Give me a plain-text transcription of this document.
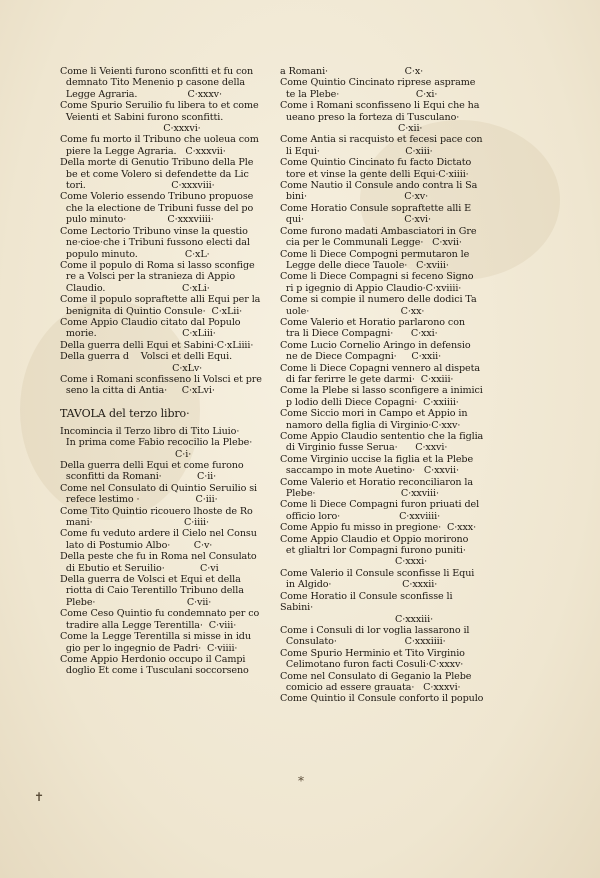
Come li Veienti furono sconfitti et fu con
demnato Tito Menenio p casone della
Legge Agraria.                 C·xxxv·

Come Spurio Seruilio fu libera to et come
Veienti et Sabini furono sconfitti.
C·xxxvi·

Come fu morto il Tribuno che uoleua com
piere la Legge Agraria.   C·xxxvii·

Della morte di Genutio Tribuno della Ple
be et come Volero si defendette da Lic
tori.                             C·xxxviii·

Come Volerio essendo Tribuno propuose
che la electione de Tribuni fusse del po
pulo minuto·              C·xxxviiii·

Come Lectorio Tribuno vinse la questio
ne·cioe·che i Tribuni fussono electi dal
populo minuto.                C·xL·

Come il populo di Roma si lasso sconfige
re a Volsci per la stranieza di Appio
Claudio.                          C·xLi·

Come il populo sopraftette alli Equi per la
benignita di Quintio Consule·  C·xLii·

Come Appio Claudio citato dal Populo
morie.                             C·xLiii·

Della guerra delli Equi et Sabini·C·xLiiii·

Della guerra d    Volsci et delli Equi.
C·xLv·

Come i Romani sconfisseno li Volsci et pre
seno la citta di Antia·     C·xLvi·

TAVOLA del terzo libro·

Incomincia il Terzo libro di Tito Liuio·
In prima come Fabio recocilio la Plebe·
C·i·

Della guerra delli Equi et come furono
sconfitti da Romani·            C·ii·

Come nel Consulato di Quintio Seruilio si
refece lestimo ·                   C·iii·

Come Tito Quintio ricouero lhoste de Ro
mani·                               C·iiii·

Come fu veduto ardere il Cielo nel Consu
lato di Postumio Albo·        C·v·

Della peste che fu in Roma nel Consulato
di Ebutio et Seruilio·            C·vi

Della guerra de Volsci et Equi et della
riotta di Caio Terentillo Tribuno della
Plebe·                               C·vii·

Come Ceso Quintio fu condemnato per co
tradire alla Legge Terentilla·  C·viii·

Come la Legge Terentilla si misse in idu
gio per lo ingegnio de Padri·  C·viiii·

Come Appio Herdonio occupo il Campi
doglio Et come i Tusculani soccorseno

a Romani·                          C·x·

Come Quintio Cincinato riprese asprame
te la Plebe·                          C·xi·

Come i Romani sconfisseno li Equi che ha
ueano preso la forteza di Tusculano·
C·xii·

Come Antia si racquisto et fecesi pace con
li Equi·                             C·xiii·

Come Quintio Cincinato fu facto Dictato
tore et vinse la gente delli Equi·C·xiiii·

Come Nautio il Consule ando contra li Sa
bini·                                 C·xv·

Come Horatio Consule sopraftette alli E
qui·                                  C·xvi·

Come furono madati Ambasciatori in Gre
cia per le Communali Legge·   C·xvii·

Come li Diece Compogni permutaron le
Legge delle diece Tauole·   C·xviii·

Come li Diece Compagni si feceno Signo
ri p igegnio di Appio Claudio·C·xviiii·

Come si compie il numero delle dodici Ta
uole·                               C·xx·

Come Valerio et Horatio parlarono con
tra li Diece Compagni·      C·xxi·

Come Lucio Cornelio Aringo in defensio
ne de Diece Compagni·     C·xxii·

Come li Diece Copagni vennero al dispeta
di far ferirre le gete darmi·  C·xxiii·

Come la Plebe si lasso sconfigere a inimici
p lodio delli Diece Copagni·  C·xxiiii·

Come Siccio mori in Campo et Appio in
namoro della figlia di Virginio·C·xxv·

Come Appio Claudio sententio che la figlia
di Virginio fusse Serua·      C·xxvi·

Come Virginio uccise la figlia et la Plebe
saccampo in mote Auetino·   C·xxvii·

Come Valerio et Horatio reconciliaron la
Plebe·                             C·xxviii·

Come li Diece Compagni furon priuati del
officio loro·                    C·xxviiii·

Come Appio fu misso in pregione·  C·xxx·

Come Appio Claudio et Oppio morirono
et glialtri lor Compagni furono puniti·
C·xxxi·

Come Valerio il Consule sconfisse li Equi
in Algido·                        C·xxxii·

Come Horatio il Consule sconfisse li Sabini·
C·xxxiii·

Come i Consuli di lor voglia lassarono il
Consulato·                       C·xxxiiii·

Come Spurio Herminio et Tito Virginio
Celimotano furon facti Cosuli·C·xxxv·

Come nel Consulato di Geganio la Plebe
comicio ad essere grauata·   C·xxxvi·

Come Quintio il Consule conforto il populo

✝
⁎
